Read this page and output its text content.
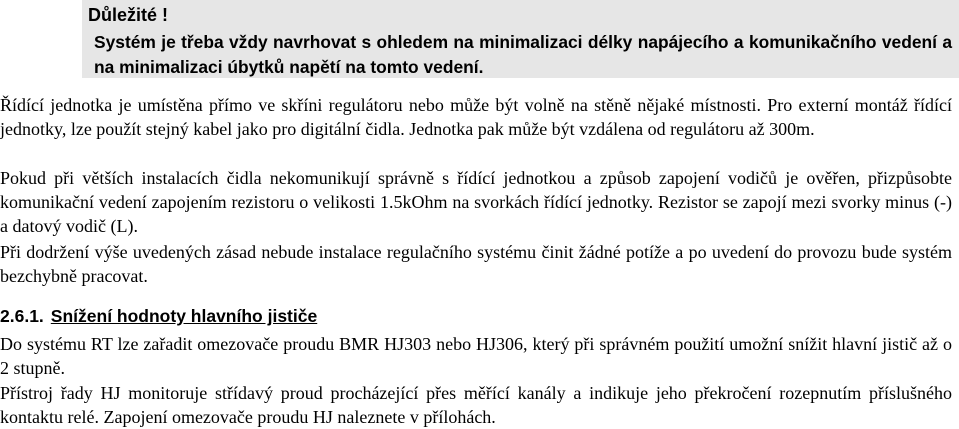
Důležité !
Systém je třeba vždy navrhovat s ohledem na minimalizaci délky napájecího a komunikačního vedení a na minimalizaci úbytků napětí na tomto vedení.
Řídící jednotka je umístěna přímo ve skříni regulátoru nebo může být volně na stěně nějaké místnosti. Pro externí montáž řídící jednotky, lze použít stejný kabel jako pro digitální čidla. Jednotka pak může být vzdálena od regulátoru až 300m.
Pokud při větších instalacích čidla nekomunikují správně s řídící jednotkou a způsob zapojení vodičů je ověřen, přizpůsobte komunikační vedení zapojením rezistoru o velikosti 1.5kOhm na svorkách řídící jednotky. Rezistor se zapojí mezi svorky minus (-) a datový vodič (L).
Při dodržení výše uvedených zásad nebude instalace regulačního systému činit žádné potíže a po uvedení do provozu bude systém bezchybně pracovat.
2.6.1. Snížení hodnoty hlavního jističe
Do systému RT lze zařadit omezovače proudu BMR HJ303 nebo HJ306, který při správném použití umožní snížit hlavní jistič až o 2 stupně.
Přístroj řady HJ monitoruje střídavý proud procházející přes měřící kanály a indikuje jeho překročení rozepnutím příslušného kontaktu relé. Zapojení omezovače proudu HJ naleznete v přílohách.
